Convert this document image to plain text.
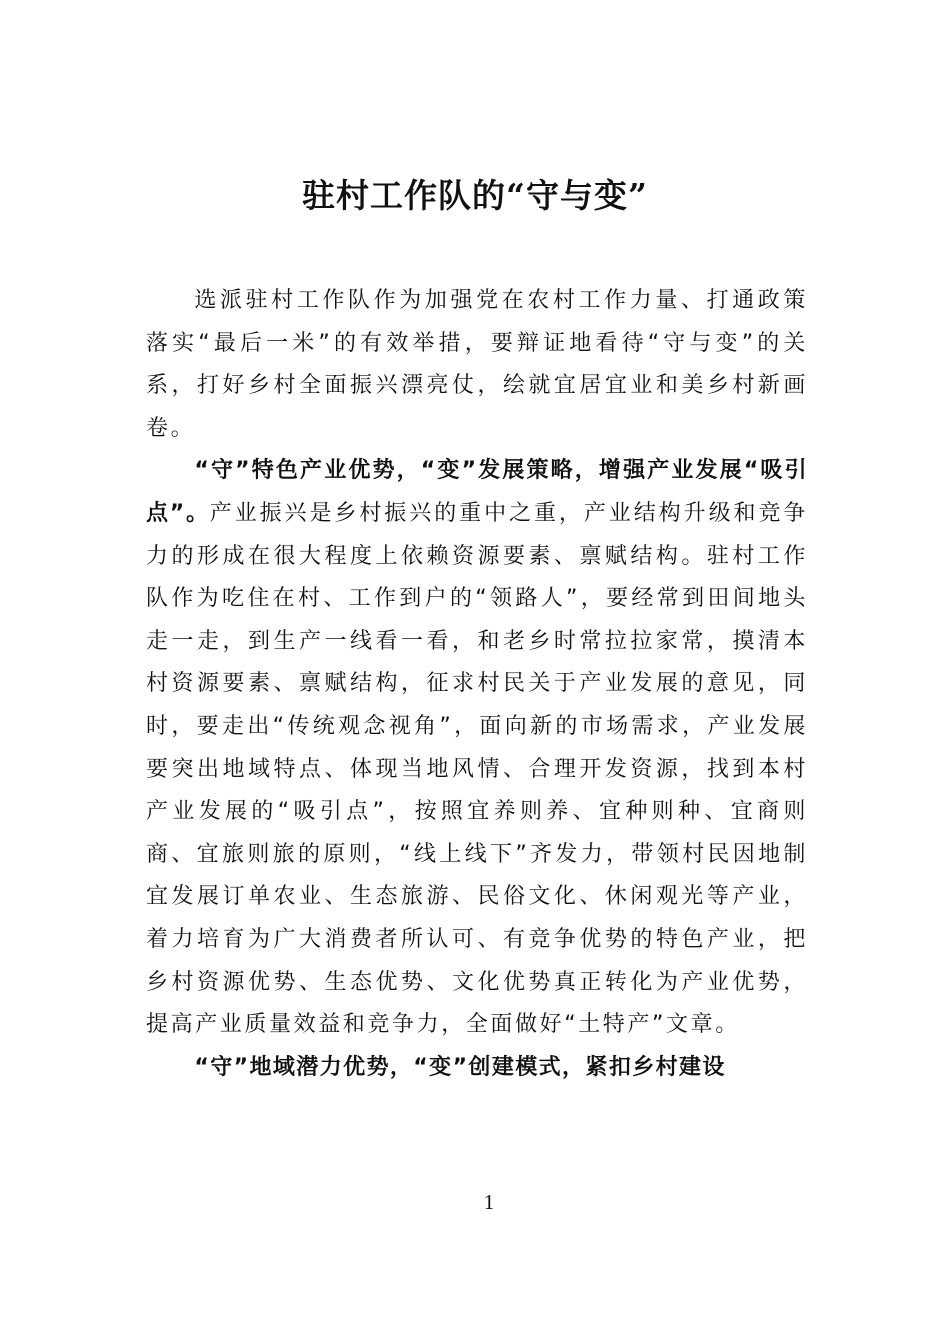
驻村工作队的“守与变”

选派驻村工作队作为加强党在农村工作力量、打通政策落实“最后一米”的有效举措，要辩证地看待“守与变”的关系，打好乡村全面振兴漂亮仗，绘就宜居宜业和美乡村新画卷。

“守”特色产业优势，“变”发展策略，增强产业发展“吸引点”。产业振兴是乡村振兴的重中之重，产业结构升级和竞争力的形成在很大程度上依赖资源要素、禀赋结构。驻村工作队作为吃住在村、工作到户的“领路人”，要经常到田间地头走一走，到生产一线看一看，和老乡时常拉拉家常，摸清本村资源要素、禀赋结构，征求村民关于产业发展的意见，同时，要走出“传统观念视角”，面向新的市场需求，产业发展要突出地域特点、体现当地风情、合理开发资源，找到本村产业发展的“吸引点”，按照宜养则养、宜种则种、宜商则商、宜旅则旅的原则，“线上线下”齐发力，带领村民因地制宜发展订单农业、生态旅游、民俗文化、休闲观光等产业，着力培育为广大消费者所认可、有竞争优势的特色产业，把乡村资源优势、生态优势、文化优势真正转化为产业优势，提高产业质量效益和竞争力，全面做好“土特产”文章。

“守”地域潜力优势，“变”创建模式，紧扣乡村建设

1
